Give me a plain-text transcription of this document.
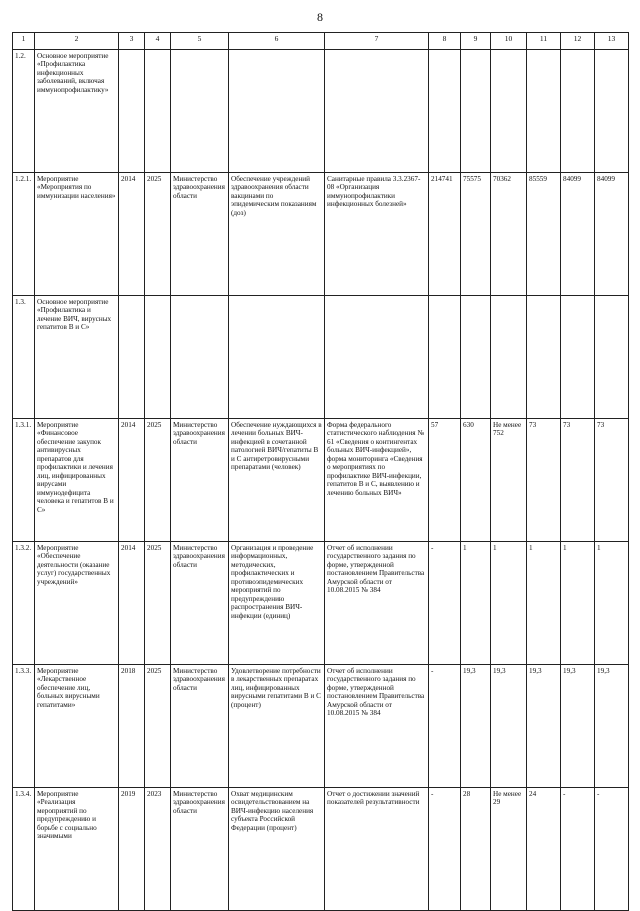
8
1	2	3	4	5	6	7	8	9	10	11	12	13
1.2.	Основное мероприятие «Профилактика инфекционных заболеваний, включая иммунопрофилактику»											
1.2.1.	Мероприятие «Мероприятия по иммунизации населения»	2014	2025	Министерство здравоохранения области	Обеспечение учреждений здравоохранения области вакцинами по эпидемическим показаниям (доз)	Санитарные правила 3.3.2367-08 «Организация иммунопрофилактики инфекционных болезней»	214741	75575	70362	85559	84099	84099
1.3.	Основное мероприятие «Профилактика и лечение ВИЧ, вирусных гепатитов В и С»											
1.3.1.	Мероприятие «Финансовое обеспечение закупок антивирусных препаратов для профилактики и лечения лиц, инфицированных вирусами иммунодефицита человека и гепатитов В и С»	2014	2025	Министерство здравоохранения области	Обеспечение нуждающихся в лечении больных ВИЧ-инфекцией в сочетанной патологией ВИЧ/гепатиты В и С антиретровирусными препаратами (человек)	Форма федерального статистического наблюдения № 61 «Сведения о контингентах больных ВИЧ-инфекцией», форма мониторинга «Сведения о мероприятиях по профилактике ВИЧ-инфекции, гепатитов В и С, выявлению и лечению больных ВИЧ»	57	630	Не менее 752	73	73	73
1.3.2.	Мероприятие «Обеспечение деятельности (оказание услуг) государственных учреждений»	2014	2025	Министерство здравоохранения области	Организация и проведение информационных, методических, профилактических и противоэпидемических мероприятий по предупреждению распространения ВИЧ-инфекции (единиц)	Отчет об исполнении государственного задания по форме, утвержденной постановлением Правительства Амурской области от 10.08.2015 № 384	-	1	1	1	1	1
1.3.3.	Мероприятие «Лекарственное обеспечение лиц, больных вирусными гепатитами»	2018	2025	Министерство здравоохранения области	Удовлетворение потребности в лекарственных препаратах лиц, инфицированных вирусными гепатитами В и С (процент)	Отчет об исполнении государственного задания по форме, утвержденной постановлением Правительства Амурской области от 10.08.2015 № 384	-	19,3	19,3	19,3	19,3	19,3
1.3.4.	Мероприятие «Реализация мероприятий по предупреждению и борьбе с социально значимыми	2019	2023	Министерство здравоохранения области	Охват медицинским освидетельствованием на ВИЧ-инфекцию населения субъекта Российской Федерации (процент)	Отчет о достижении значений показателей результативности	-	28	Не менее 29	24	-	-
